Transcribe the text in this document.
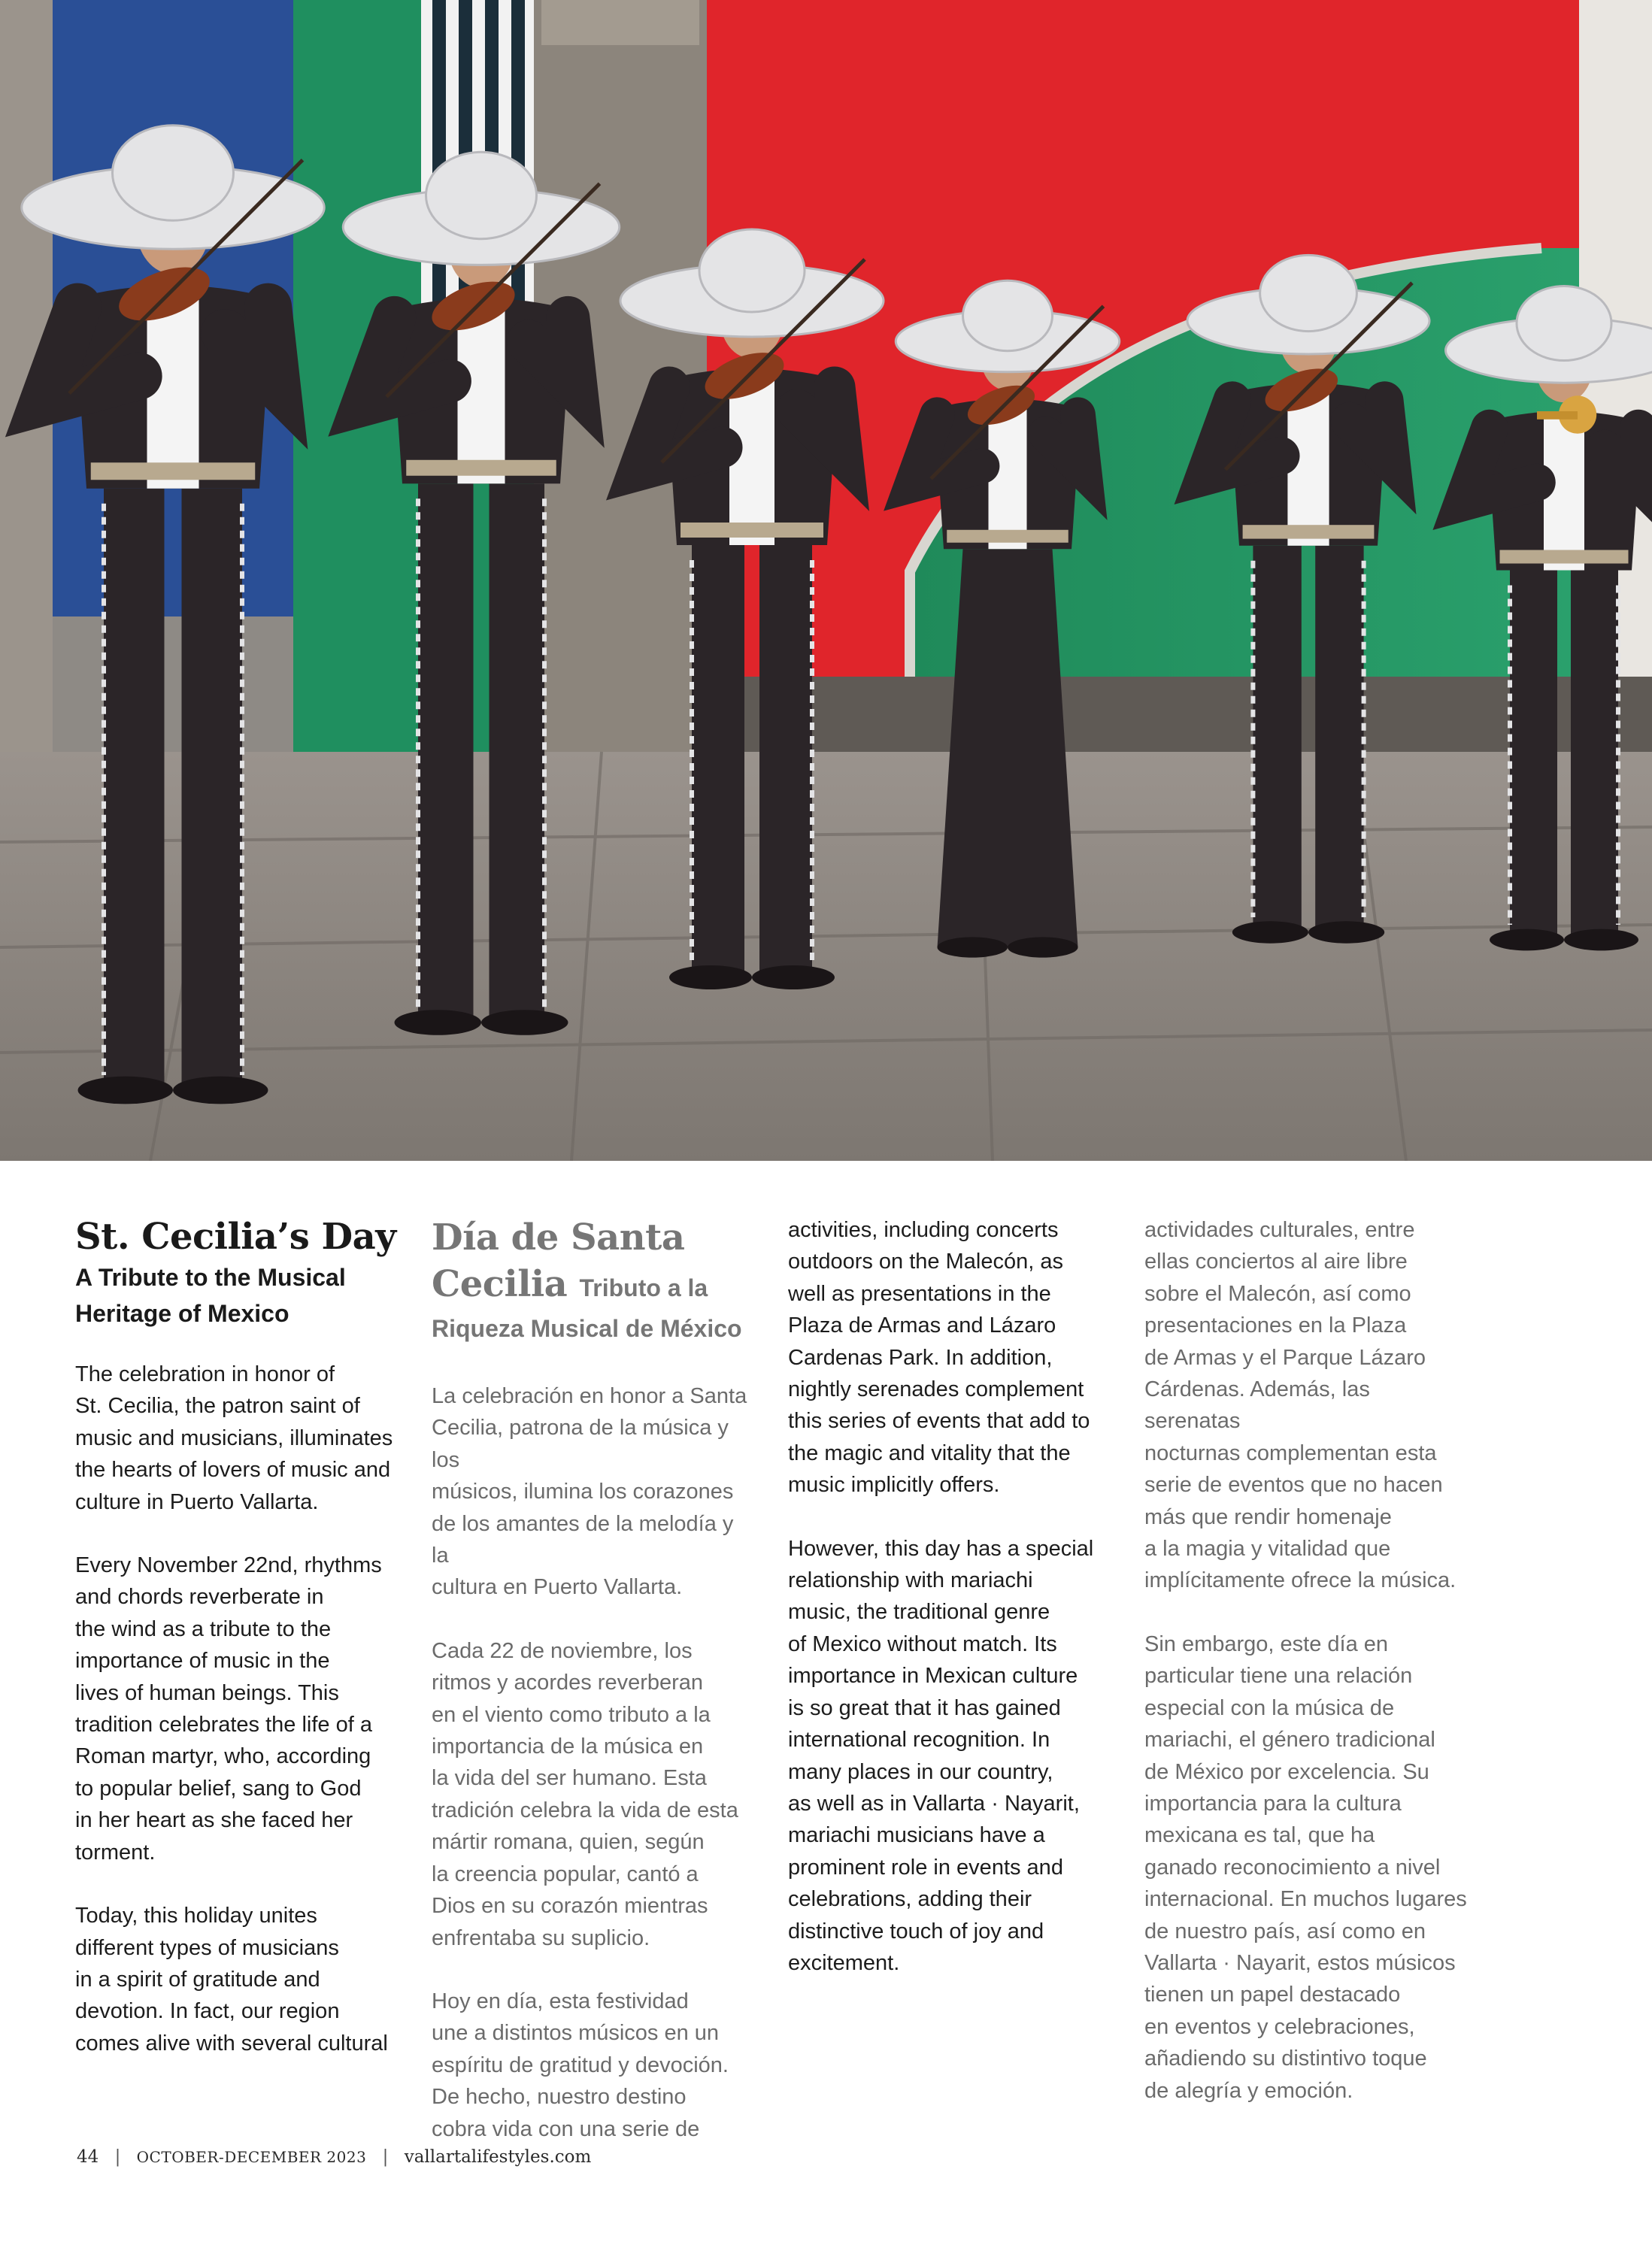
St. Cecilia’s Day

A Tribute to the Musical

Heritage of Mexico

The celebration in honor of
St. Cecilia, the patron saint of
music and musicians, illuminates
the hearts of lovers of music and
culture in Puerto Vallarta.

Every November 22nd, rhythms
and chords reverberate in
the wind as a tribute to the
importance of music in the
lives of human beings. This
tradition celebrates the life of a
Roman martyr, who, according
to popular belief, sang to God
in her heart as she faced her
torment.

Today, this holiday unites
different types of musicians
in a spirit of gratitude and
devotion. In fact, our region
comes alive with several cultural

Día de Santa
Cecilia Tributo a la

Riqueza Musical de México

La celebración en honor a Santa
Cecilia, patrona de la música y los
músicos, ilumina los corazones
de los amantes de la melodía y la
cultura en Puerto Vallarta.

Cada 22 de noviembre, los
ritmos y acordes reverberan
en el viento como tributo a la
importancia de la música en
la vida del ser humano. Esta
tradición celebra la vida de esta
mártir romana, quien, según
la creencia popular, cantó a
Dios en su corazón mientras
enfrentaba su suplicio.

Hoy en día, esta festividad
une a distintos músicos en un
espíritu de gratitud y devoción.
De hecho, nuestro destino
cobra vida con una serie de

activities, including concerts
outdoors on the Malecón, as
well as presentations in the
Plaza de Armas and Lázaro
Cardenas Park. In addition,
nightly serenades complement
this series of events that add to
the magic and vitality that the
music implicitly offers.

However, this day has a special
relationship with mariachi
music, the traditional genre
of Mexico without match. Its
importance in Mexican culture
is so great that it has gained
international recognition. In
many places in our country,
as well as in Vallarta · Nayarit,
mariachi musicians have a
prominent role in events and
celebrations, adding their
distinctive touch of joy and
excitement.

actividades culturales, entre
ellas conciertos al aire libre
sobre el Malecón, así como
presentaciones en la Plaza
de Armas y el Parque Lázaro
Cárdenas. Además, las serenatas
nocturnas complementan esta
serie de eventos que no hacen
más que rendir homenaje
a la magia y vitalidad que
implícitamente ofrece la música.

Sin embargo, este día en
particular tiene una relación
especial con la música de
mariachi, el género tradicional
de México por excelencia. Su
importancia para la cultura
mexicana es tal, que ha
ganado reconocimiento a nivel
internacional. En muchos lugares
de nuestro país, así como en
Vallarta · Nayarit, estos músicos
tienen un papel destacado
en eventos y celebraciones,
añadiendo su distintivo toque
de alegría y emoción.

44 | OCTOBER-DECEMBER 2023 | vallartalifestyles.com
